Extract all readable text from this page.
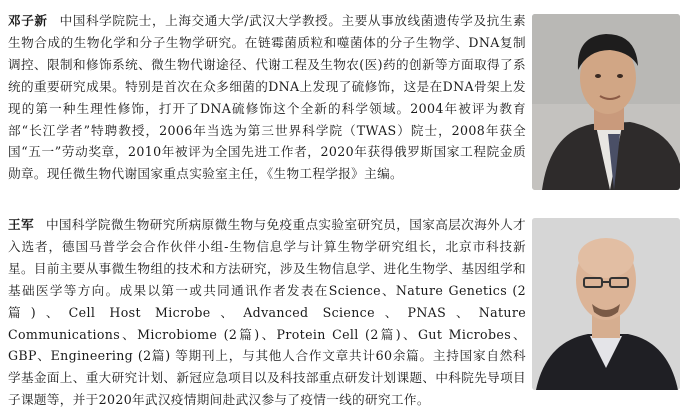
邓子新 中国科学院院士，上海交通大学/武汉大学教授。主要从事放线菌遗传学及抗生素生物合成的生物化学和分子生物学研究。在链霉菌质粒和噬菌体的分子生物学、DNA复制调控、限制和修饰系统、微生物代谢途径、代谢工程及生物农(医)药的创新等方面取得了系统的重要研究成果。特别是首次在众多细菌的DNA上发现了硫修饰，这是在DNA骨架上发现的第一种生理性修饰，打开了DNA硫修饰这个全新的科学领域。2004年被评为教育部“长江学者”特聘教授，2006年当选为第三世界科学院（TWAS）院士，2008年获全国“五一”劳动奖章，2010年被评为全国先进工作者，2020年获得俄罗斯国家工程院金质勋章。现任微生物代谢国家重点实验室主任，《生物工程学报》主编。

王军 中国科学院微生物研究所病原微生物与免疫重点实验室研究员，国家高层次海外人才入选者，德国马普学会合作伙伴小组-生物信息学与计算生物学研究组长，北京市科技新星。目前主要从事微生物组的技术和方法研究，涉及生物信息学、进化生物学、基因组学和基础医学等方向。成果以第一或共同通讯作者发表在Science、Nature Genetics (2篇)、Cell Host Microbe、Advanced Science、PNAS、Nature Communications、Microbiome (2篇)、Protein Cell (2篇)、Gut Microbes、GBP、Engineering (2篇) 等期刊上，与其他人合作文章共计60余篇。主持国家自然科学基金面上、重大研究计划、新冠应急项目以及科技部重点研发计划课题、中科院先导项目子课题等，并于2020年武汉疫情期间赴武汉参与了疫情一线的研究工作。
